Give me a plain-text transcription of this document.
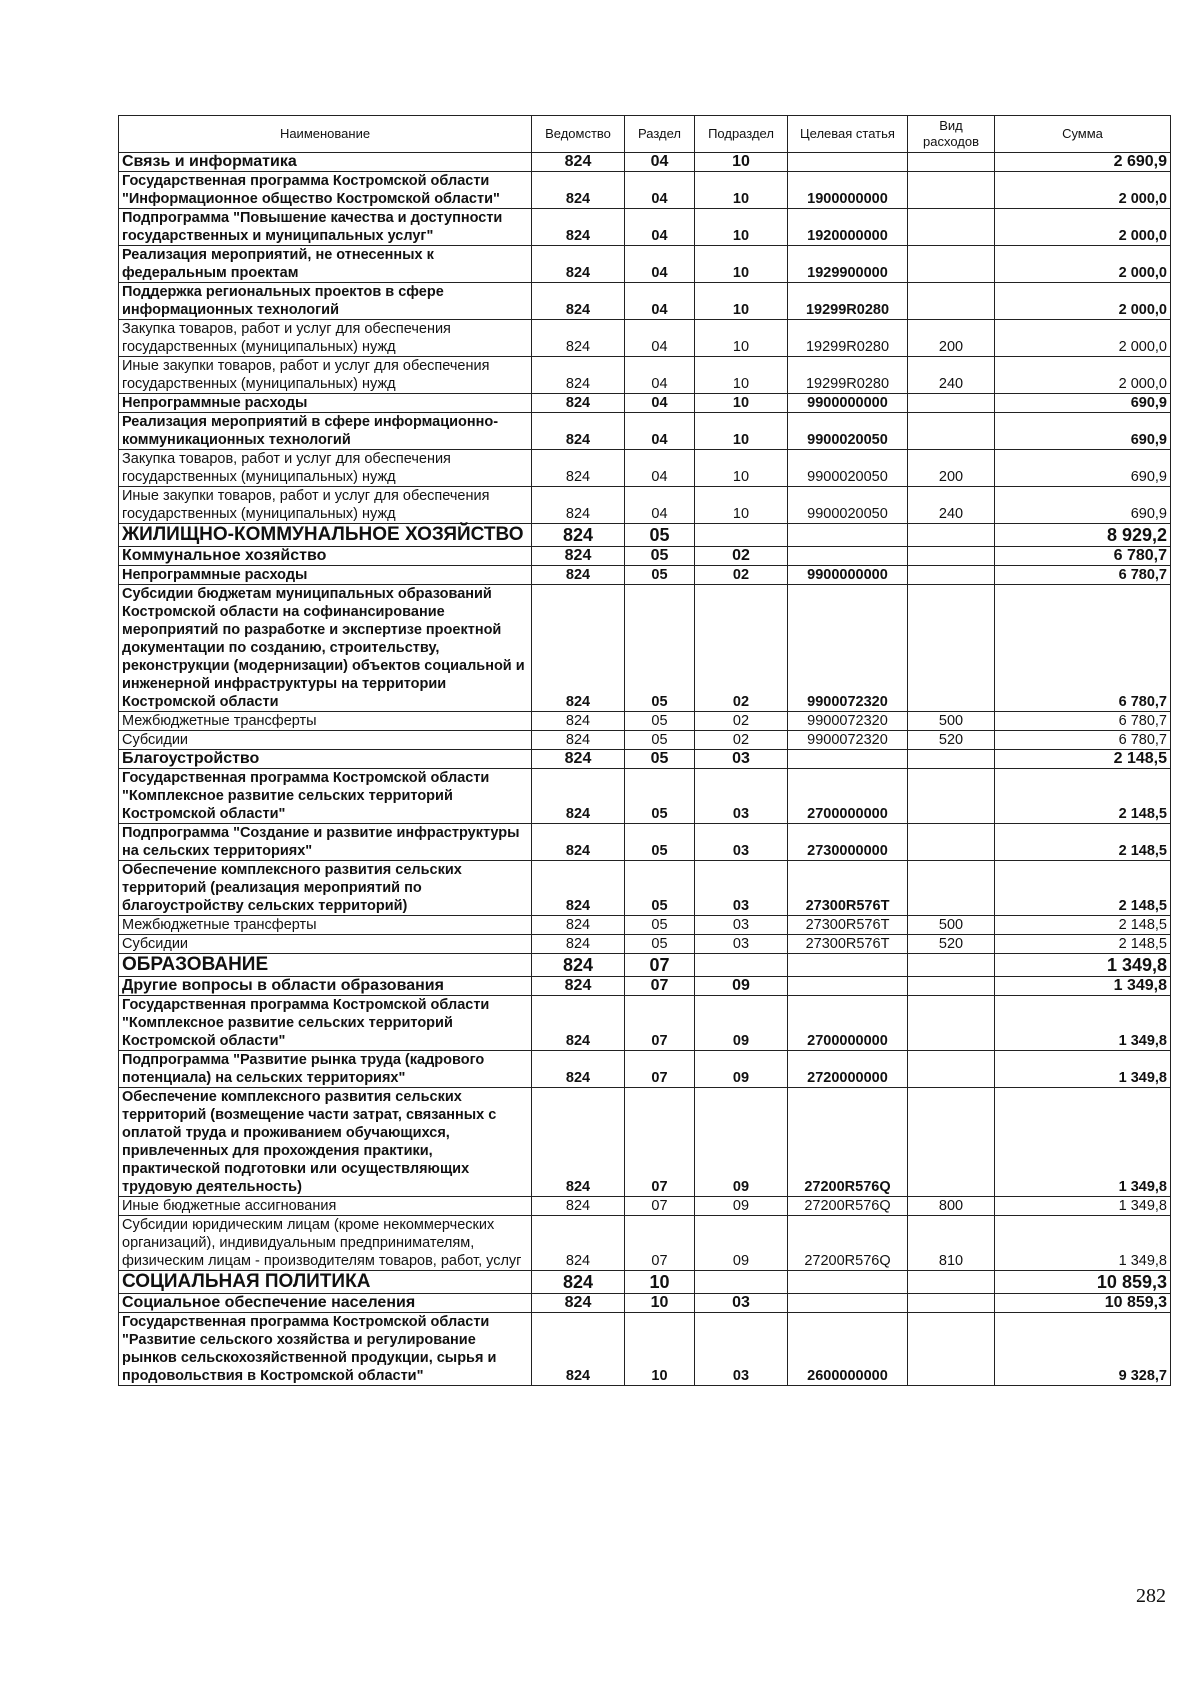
Наименование	Ведомство	Раздел	Подраздел	Целевая статья	Вид расходов	Сумма
Связь и информатика	824	04	10			2 690,9
Государственная программа Костромской области "Информационное общество Костромской области"	824	04	10	1900000000		2 000,0
Подпрограмма "Повышение качества и доступности государственных и муниципальных услуг"	824	04	10	1920000000		2 000,0
Реализация мероприятий, не отнесенных к федеральным проектам	824	04	10	1929900000		2 000,0
Поддержка региональных проектов в сфере информационных технологий	824	04	10	19299R0280		2 000,0
Закупка товаров, работ и услуг для обеспечения государственных (муниципальных) нужд	824	04	10	19299R0280	200	2 000,0
Иные закупки товаров, работ и услуг для обеспечения государственных (муниципальных) нужд	824	04	10	19299R0280	240	2 000,0
Непрограммные расходы	824	04	10	9900000000		690,9
Реализация мероприятий в сфере информационно-коммуникационных технологий	824	04	10	9900020050		690,9
Закупка товаров, работ и услуг для обеспечения государственных (муниципальных) нужд	824	04	10	9900020050	200	690,9
Иные закупки товаров, работ и услуг для обеспечения государственных (муниципальных) нужд	824	04	10	9900020050	240	690,9
ЖИЛИЩНО-КОММУНАЛЬНОЕ ХОЗЯЙСТВО	824	05				8 929,2
Коммунальное хозяйство	824	05	02			6 780,7
Непрограммные расходы	824	05	02	9900000000		6 780,7
Субсидии бюджетам муниципальных образований Костромской области на софинансирование мероприятий по разработке и экспертизе проектной документации по созданию, строительству, реконструкции (модернизации) объектов социальной и инженерной инфраструктуры на территории Костромской области	824	05	02	9900072320		6 780,7
Межбюджетные трансферты	824	05	02	9900072320	500	6 780,7
Субсидии	824	05	02	9900072320	520	6 780,7
Благоустройство	824	05	03			2 148,5
Государственная программа Костромской области "Комплексное развитие сельских территорий Костромской области"	824	05	03	2700000000		2 148,5
Подпрограмма "Создание и развитие инфраструктуры на сельских территориях"	824	05	03	2730000000		2 148,5
Обеспечение комплексного развития сельских территорий (реализация мероприятий по благоустройству сельских территорий)	824	05	03	27300R576T		2 148,5
Межбюджетные трансферты	824	05	03	27300R576T	500	2 148,5
Субсидии	824	05	03	27300R576T	520	2 148,5
ОБРАЗОВАНИЕ	824	07				1 349,8
Другие вопросы в области образования	824	07	09			1 349,8
Государственная программа Костромской области "Комплексное развитие сельских территорий Костромской области"	824	07	09	2700000000		1 349,8
Подпрограмма "Развитие рынка труда (кадрового потенциала) на сельских территориях"	824	07	09	2720000000		1 349,8
Обеспечение комплексного развития сельских территорий (возмещение части затрат, связанных с оплатой труда и проживанием обучающихся, привлеченных для прохождения практики, практической подготовки или осуществляющих трудовую деятельность)	824	07	09	27200R576Q		1 349,8
Иные бюджетные ассигнования	824	07	09	27200R576Q	800	1 349,8
Субсидии юридическим лицам (кроме некоммерческих организаций), индивидуальным предпринимателям, физическим лицам - производителям товаров, работ, услуг	824	07	09	27200R576Q	810	1 349,8
СОЦИАЛЬНАЯ ПОЛИТИКА	824	10				10 859,3
Социальное обеспечение населения	824	10	03			10 859,3
Государственная программа Костромской области "Развитие сельского хозяйства и регулирование рынков сельскохозяйственной продукции, сырья и продовольствия в Костромской области"	824	10	03	2600000000		9 328,7
282
